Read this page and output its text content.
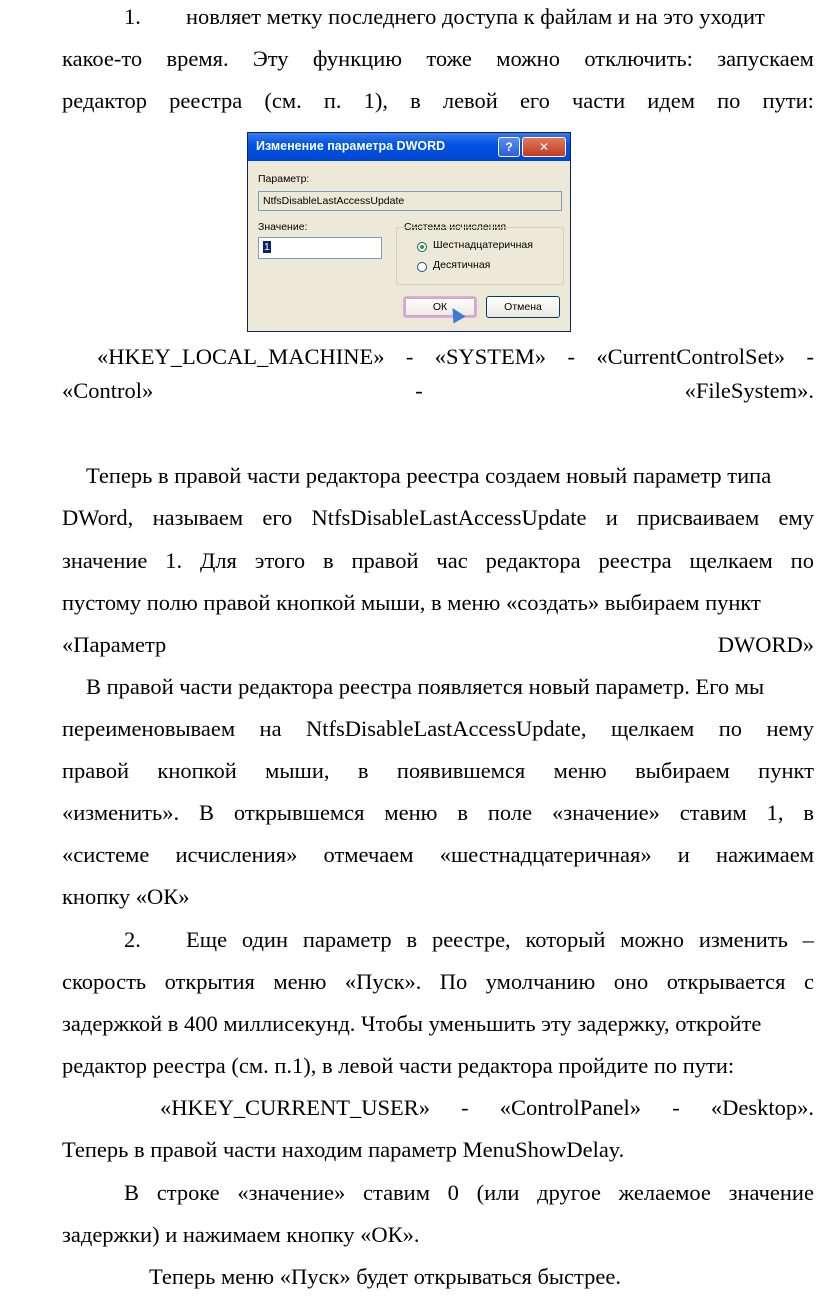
1. новляет метку последнего доступа к файлам и на это уходит
какое-то время. Эту функцию тоже можно отключить: запускаем
редактор реестра (см. п. 1), в левой его части идем по пути:
Изменение параметра DWORD	?	✕
Параметр:
NtfsDisableLastAccessUpdate
Значение:
1
Система исчисления
Шестнадцатеричная
Десятичная
ОК	Отмена
«HKEY_LOCAL_MACHINE» - «SYSTEM» - «CurrentControlSet» -
«Control»	-	«FileSystem».
Теперь в правой части редактора реестра создаем новый параметр типа
DWord, называем его NtfsDisableLastAccessUpdate и присваиваем ему
значение 1. Для этого в правой час редактора реестра щелкаем по
пустому полю правой кнопкой мыши, в меню «создать» выбираем пункт
«Параметр	DWORD»
В правой части редактора реестра появляется новый параметр. Его мы
переименовываем на NtfsDisableLastAccessUpdate, щелкаем по нему
правой кнопкой мыши, в появившемся меню выбираем пункт
«изменить». В открывшемся меню в поле «значение» ставим 1, в
«системе исчисления» отмечаем «шестнадцатеричная» и нажимаем
кнопку «ОК»
2. Еще один параметр в реестре, который можно изменить –
скорость открытия меню «Пуск». По умолчанию оно открывается с
задержкой в 400 миллисекунд. Чтобы уменьшить эту задержку, откройте
редактор реестра (см. п.1), в левой части редактора пройдите по пути:
«HKEY_CURRENT_USER» - «ControlPanel» - «Desktop».
Теперь в правой части находим параметр MenuShowDelay.
В строке «значение» ставим 0 (или другое желаемое значение
задержки) и нажимаем кнопку «ОК».
Теперь меню «Пуск» будет открываться быстрее.
